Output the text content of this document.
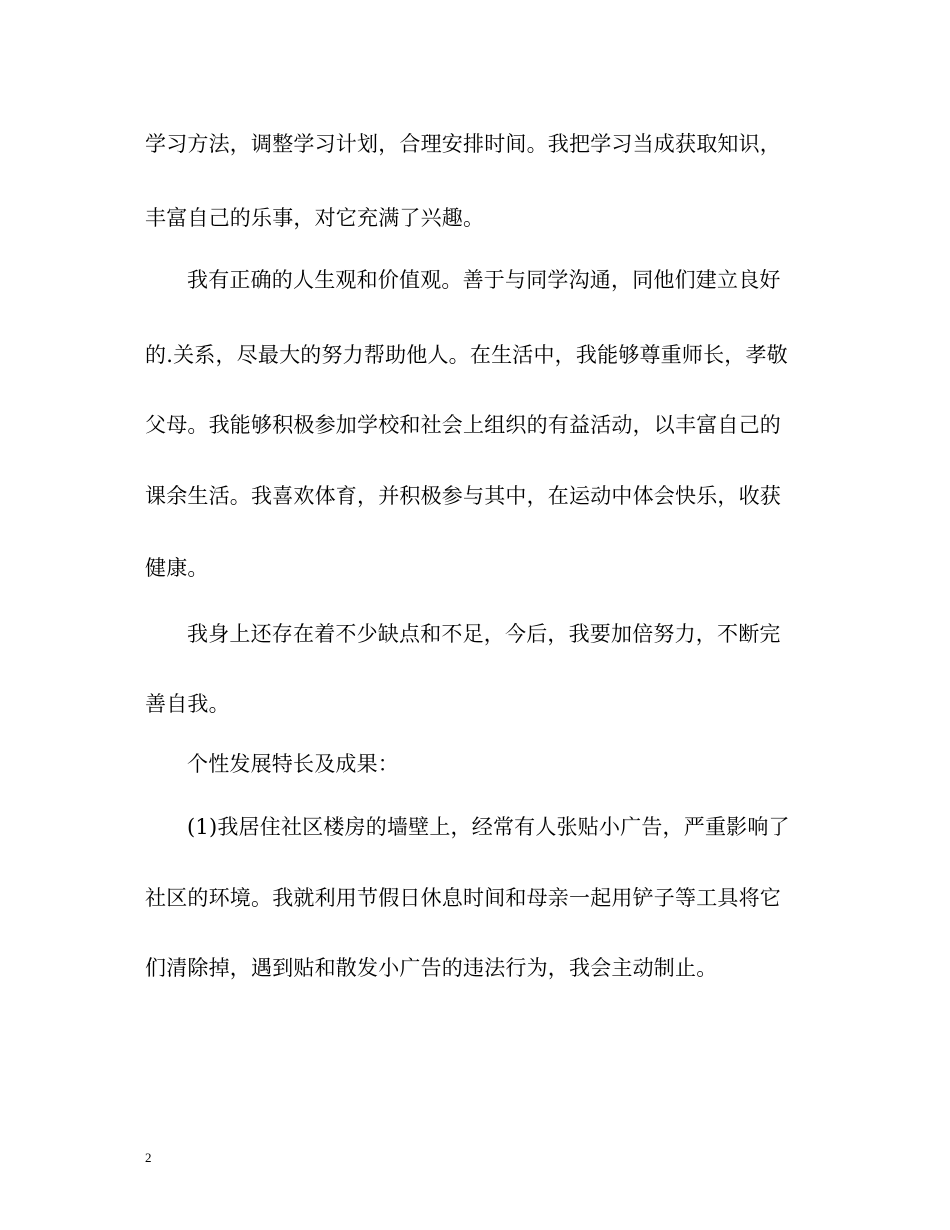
学习方法，调整学习计划，合理安排时间。我把学习当成获取知识，
丰富自己的乐事，对它充满了兴趣。
我有正确的人生观和价值观。善于与同学沟通，同他们建立良好
的.关系，尽最大的努力帮助他人。在生活中，我能够尊重师长，孝敬
父母。我能够积极参加学校和社会上组织的有益活动，以丰富自己的
课余生活。我喜欢体育，并积极参与其中，在运动中体会快乐，收获
健康。
我身上还存在着不少缺点和不足，今后，我要加倍努力，不断完
善自我。
个性发展特长及成果：
(1)我居住社区楼房的墙壁上，经常有人张贴小广告，严重影响了
社区的环境。我就利用节假日休息时间和母亲一起用铲子等工具将它
们清除掉，遇到贴和散发小广告的违法行为，我会主动制止。
2
